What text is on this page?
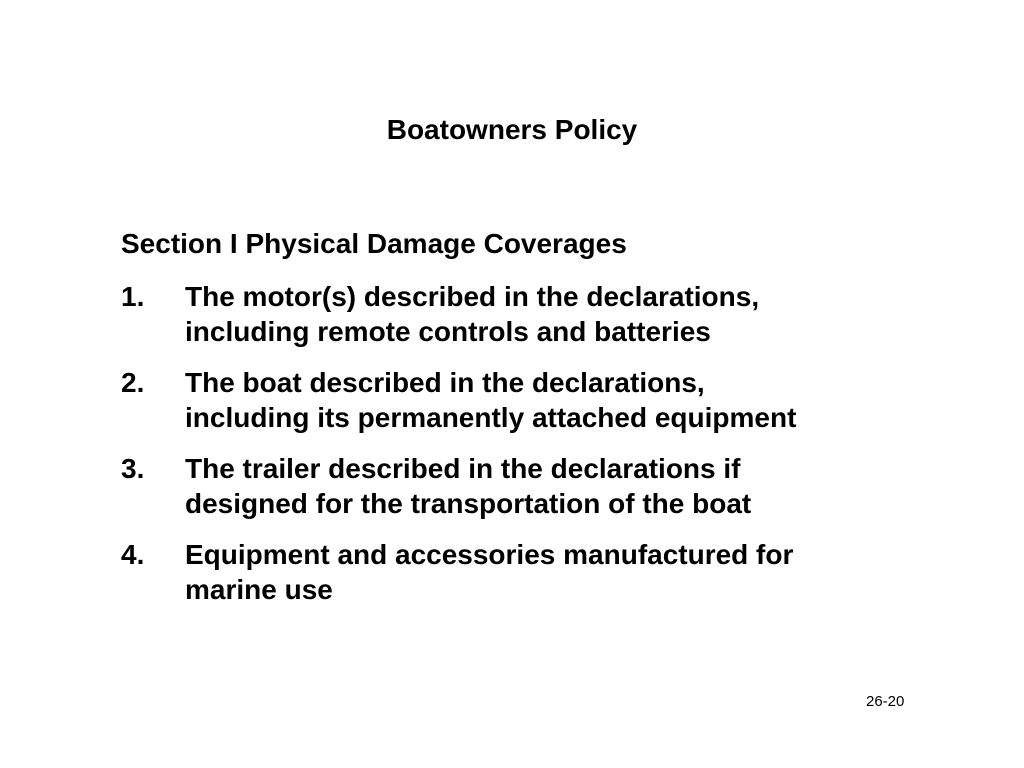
Boatowners Policy
Section I Physical Damage Coverages
1. The motor(s) described in the declarations,
including remote controls and batteries
2. The boat described in the declarations,
including its permanently attached equipment
3. The trailer described in the declarations if
designed for the transportation of the boat
4. Equipment and accessories manufactured for
marine use
26-20
